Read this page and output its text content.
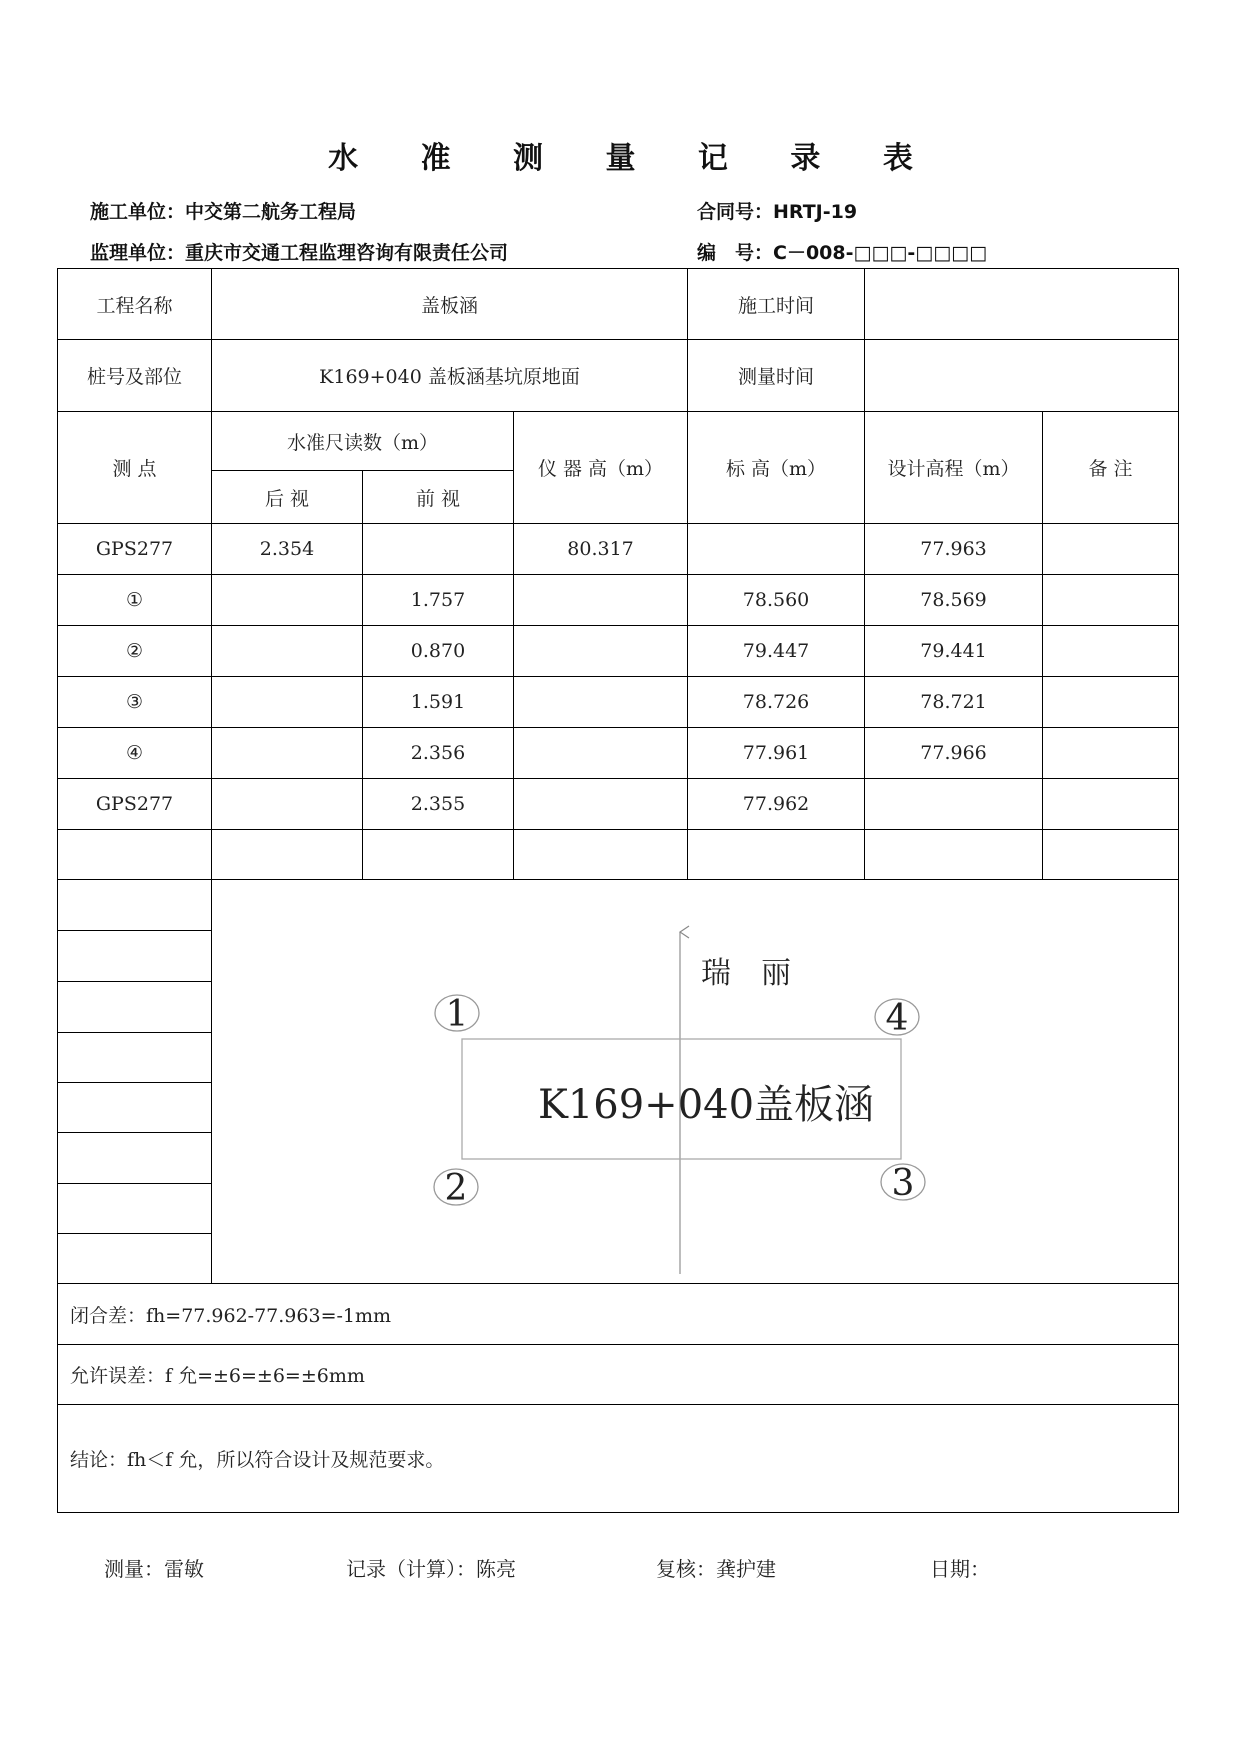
水 准 测 量 记 录 表
施工单位：中交第二航务工程局	合同号：HRTJ-19
监理单位：重庆市交通工程监理咨询有限责任公司	编　号：C－008-□□□-□□□□
工程名称	盖板涵			施工时间		
桩号及部位	K169+040 盖板涵基坑原地面			测量时间		
测 点	水准尺读数（m）		仪 器 高（m）	标 高（m）	设计高程（m）	备 注
	后 视	前 视				
GPS277	2.354		80.317		77.963	
①		1.757		78.560	78.569	
②		0.870		79.447	79.441	
③		1.591		78.726	78.721	
④		2.356		77.961	77.966	
GPS277		2.355		77.962		

闭合差：fh=77.962-77.963=-1mm						
允许误差：f 允=±6=±6=±6mm						
结论：fh＜f 允，所以符合设计及规范要求。						
瑞　丽
K169+040盖板涵
1	4
2	3
测量：雷敏	记录（计算）：陈亮	复核：龚护建	日期：
